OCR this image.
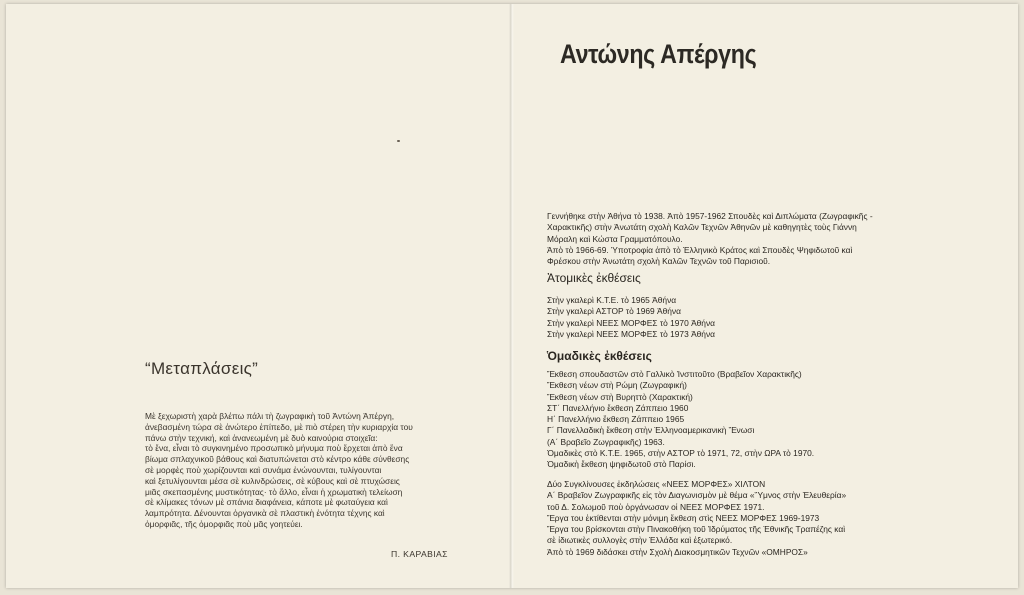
“Μεταπλάσεις”

Μὲ ξεχωριστὴ χαρὰ βλέπω πάλι τὴ ζωγραφικὴ τοῦ Ἀντώνη Ἀπέργη,

ἀνεβασμένη τώρα σὲ ἀνώτερο ἐπίπεδο, μὲ πιὸ στέρεη τὴν κυριαρχία του

πάνω στὴν τεχνική, καὶ ἀνανεωμένη μὲ δυὸ καινούρια στοιχεῖα:

τὸ ἕνα, εἶναι τὸ συγκινημένο προσωπικὸ μήνυμα ποὺ ἔρχεται ἀπὸ ἕνα

βίωμα σπλαχνικοῦ βάθους καὶ διατυπώνεται στὸ κέντρο κάθε σύνθεσης

σὲ μορφὲς ποὺ χωρίζουνται καὶ συνάμα ἑνώνουνται, τυλίγουνται

καὶ ξετυλίγουνται μέσα σὲ κυλινδρώσεις, σὲ κύβους καὶ σὲ πτυχώσεις

μιᾶς σκεπασμένης μυστικότητας· τὸ ἄλλο, εἶναι ἡ χρωματικὴ τελείωση

σὲ κλίμακες τόνων μὲ σπάνια διαφάνεια, κάποτε μὲ φωταύγεια καὶ

λαμπρότητα. Δένουνται ὀργανικὰ σὲ πλαστικὴ ἑνότητα τέχνης καὶ

ὀμορφιᾶς, τῆς ὀμορφιᾶς ποὺ μᾶς γοητεύει.

Π. ΚΑΡΑΒΙΑΣ
Αντώνης Απέργης

Γεννήθηκε στὴν Ἀθήνα τὸ 1938. Ἀπὸ 1957-1962 Σπουδὲς καὶ Διπλώματα (Ζωγραφικῆς -

Χαρακτικῆς) στὴν Ἀνωτάτη σχολὴ Καλῶν Τεχνῶν Ἀθηνῶν μὲ καθηγητὲς τοὺς Γιάννη

Μόραλη καὶ Κώστα Γραμματόπουλο.

Ἀπὸ τὸ 1966-69. Ὑποτροφία ἀπὸ τὸ Ἑλληνικὸ Κράτος καὶ Σπουδὲς Ψηφιδωτοῦ καὶ

Φρέσκου στὴν Ἀνωτάτη σχολὴ Καλῶν Τεχνῶν τοῦ Παρισιοῦ.

Ἀτομικὲς ἐκθέσεις

Στὴν γκαλερὶ Κ.Τ.Ε. τὸ 1965 Ἀθήνα

Στὴν γκαλερὶ ΑΣΤΟΡ τὸ 1969 Ἀθήνα

Στὴν γκαλερὶ ΝΕΕΣ ΜΟΡΦΕΣ τὸ 1970 Ἀθήνα

Στὴν γκαλερὶ ΝΕΕΣ ΜΟΡΦΕΣ τὸ 1973 Ἀθήνα

Ὁμαδικὲς ἐκθέσεις

Ἔκθεση σπουδαστῶν στὸ Γαλλικὸ Ἰνστιτοῦτο (Βραβεῖον Χαρακτικῆς)

Ἔκθεση νέων στὴ Ρώμη (Ζωγραφική)

Ἔκθεση νέων στὴ Βυρηττὸ (Χαρακτική)

ΣΤ΄ Πανελλήνιο ἔκθεση Ζάππειο 1960

Η΄ Πανελλήνιο ἔκθεση Ζάππειο 1965

Γ΄ Πανελλαδικὴ ἔκθεση στὴν Ἑλληνοαμερικανικὴ Ἕνωσι

(Α΄ Βραβεῖο Ζωγραφικῆς) 1963.

Ὁμαδικὲς στὸ Κ.Τ.Ε. 1965, στὴν ΑΣΤΟΡ τὸ 1971, 72, στὴν ΩΡΑ τὸ 1970.

Ὁμαδικὴ ἔκθεση ψηφιδωτοῦ στὸ Παρίσι.

Δύο Συγκλίνουσες ἐκδηλώσεις «ΝΕΕΣ ΜΟΡΦΕΣ» ΧΙΛΤΟΝ

Α΄ Βραβεῖον Ζωγραφικῆς εἰς τὸν Διαγωνισμὸν μὲ θέμα «Ὕμνος στὴν Ἐλευθερία»

τοῦ Δ. Σολωμοῦ ποὺ ὀργάνωσαν οἱ ΝΕΕΣ ΜΟΡΦΕΣ 1971.

Ἔργα του ἐκτίθενται στὴν μόνιμη ἔκθεση στὶς ΝΕΕΣ ΜΟΡΦΕΣ 1969-1973

Ἔργα του βρίσκονται στὴν Πινακοθήκη τοῦ Ἱδρύματος τῆς Ἐθνικῆς Τραπέζης καὶ

σὲ ἰδιωτικὲς συλλογὲς στὴν Ἑλλάδα καὶ ἐξωτερικό.

Ἀπὸ τὸ 1969 διδάσκει στὴν Σχολὴ Διακοσμητικῶν Τεχνῶν «ΟΜΗΡΟΣ»
